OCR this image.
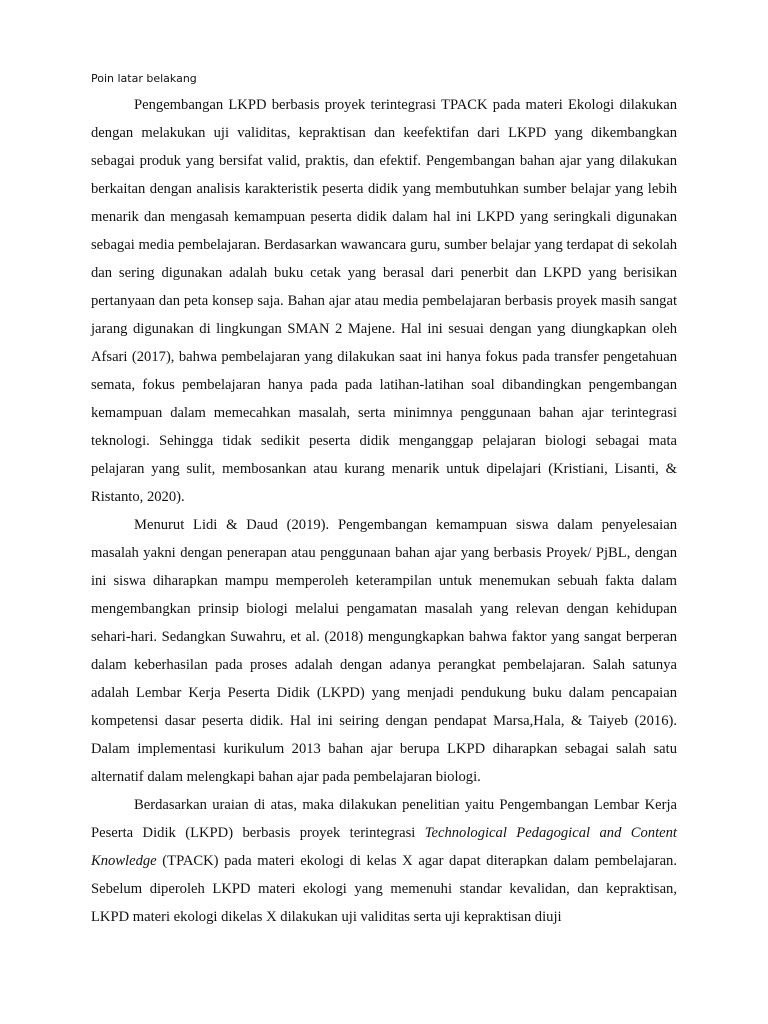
Poin latar belakang

Pengembangan LKPD berbasis proyek terintegrasi TPACK pada materi Ekologi dilakukan dengan melakukan uji validitas, kepraktisan dan keefektifan dari LKPD yang dikembangkan sebagai produk yang bersifat valid, praktis, dan efektif. Pengembangan bahan ajar yang dilakukan berkaitan dengan analisis karakteristik peserta didik yang membutuhkan sumber belajar yang lebih menarik dan mengasah kemampuan peserta didik dalam hal ini LKPD yang seringkali digunakan sebagai media pembelajaran. Berdasarkan wawancara guru, sumber belajar yang terdapat di sekolah dan sering digunakan adalah buku cetak yang berasal dari penerbit dan LKPD yang berisikan pertanyaan dan peta konsep saja. Bahan ajar atau media pembelajaran berbasis proyek masih sangat jarang digunakan di lingkungan SMAN 2 Majene. Hal ini sesuai dengan yang diungkapkan oleh Afsari (2017), bahwa pembelajaran yang dilakukan saat ini hanya fokus pada transfer pengetahuan semata, fokus pembelajaran hanya pada pada latihan-latihan soal dibandingkan pengembangan kemampuan dalam memecahkan masalah, serta minimnya penggunaan bahan ajar terintegrasi teknologi. Sehingga tidak sedikit peserta didik menganggap pelajaran biologi sebagai mata pelajaran yang sulit, membosankan atau kurang menarik untuk dipelajari (Kristiani, Lisanti, & Ristanto, 2020).

Menurut Lidi & Daud (2019). Pengembangan kemampuan siswa dalam penyelesaian masalah yakni dengan penerapan atau penggunaan bahan ajar yang berbasis Proyek/ PjBL, dengan ini siswa diharapkan mampu memperoleh keterampilan untuk menemukan sebuah fakta dalam mengembangkan prinsip biologi melalui pengamatan masalah yang relevan dengan kehidupan sehari-hari. Sedangkan Suwahru, et al. (2018) mengungkapkan bahwa faktor yang sangat berperan dalam keberhasilan pada proses adalah dengan adanya perangkat pembelajaran. Salah satunya adalah Lembar Kerja Peserta Didik (LKPD) yang menjadi pendukung buku dalam pencapaian kompetensi dasar peserta didik. Hal ini seiring dengan pendapat Marsa,Hala, & Taiyeb (2016). Dalam implementasi kurikulum 2013 bahan ajar berupa LKPD diharapkan sebagai salah satu alternatif dalam melengkapi bahan ajar pada pembelajaran biologi.

Berdasarkan uraian di atas, maka dilakukan penelitian yaitu Pengembangan Lembar Kerja Peserta Didik (LKPD) berbasis proyek terintegrasi Technological Pedagogical and Content Knowledge (TPACK) pada materi ekologi di kelas X agar dapat diterapkan dalam pembelajaran. Sebelum diperoleh LKPD materi ekologi yang memenuhi standar kevalidan, dan kepraktisan, LKPD materi ekologi dikelas X dilakukan uji validitas serta uji kepraktisan diuji
